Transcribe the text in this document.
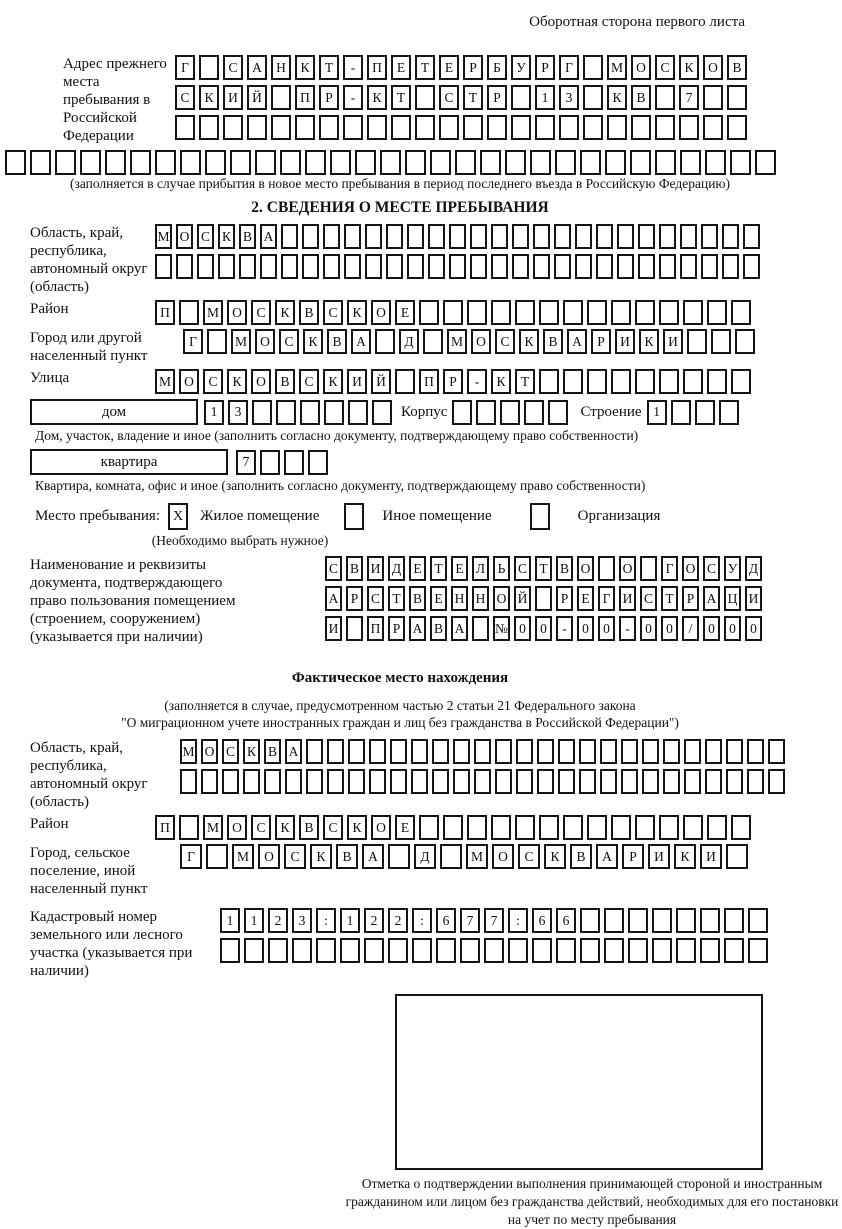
Оборотная сторона первого листа
Адрес прежнего места пребывания в Российской Федерации
Г	С	А	Н	К	Т	-	П	Е	Т	Е	Р	Б	У	Р	Г	М О	С	К	О	В
С	К	И	Й	П	Р	-	К	Т	С	Т	Р	1	3	К	В	7
(заполняется в случае прибытия в новое место пребывания в период последнего въезда в Российскую Федерацию)
2. СВЕДЕНИЯ О МЕСТЕ ПРЕБЫВАНИЯ
Область, край, республика, автономный округ (область)
М О С К В А
Район	П	М О	С	К	В	С	К	О	Е
Город или другой населенный пункт
Г	М О	С	К	В	А	Д	М О	С	К	В	А	Р	И	К	И
Улица	М О	С	К	О	В	С	К	И	Й	П	Р	-	К	Т
дом	1	3	Корпус	Строение 1
Дом, участок, владение и иное (заполнить согласно документу, подтверждающему право собственности)
квартира	7
Квартира, комната, офис и иное (заполнить согласно документу, подтверждающему право собственности)
Место пребывания: X	Жилое помещение	Иное помещение	Организация
(Необходимо выбрать нужное)
Наименование и реквизиты документа, подтверждающего право пользования помещением (строением, сооружением) (указывается при наличии)
С В И Д Е Т Е Л Ь С Т В О О	Г О С У Д
А Р С Т В Е Н Н О Й	Р Е Г И С Т Р А Ц И
И П Р А В А № 0	0	-	0	0	-	0	0	/	0	0	0
Фактическое место нахождения
(заполняется в случае, предусмотренном частью 2 статьи 21 Федерального закона
"О миграционном учете иностранных граждан и лиц без гражданства в Российской Федерации")
Область, край, республика, автономный округ (область)
М О С К В А
Район	П	М О	С	К	В	С	К	О	Е
Город, сельское поселение, иной населенный пункт
Г	М	О	С	К	В	А	Д	М	О	С	К	В	А	Р	И	К	И
Кадастровый номер земельного или лесного участка (указывается при наличии)
1	1	2	3	:	1	2	2	:	6	7	7	:	6	6
Отметка о подтверждении выполнения принимающей стороной и иностранным гражданином или лицом без гражданства действий, необходимых для его постановки на учет по месту пребывания
